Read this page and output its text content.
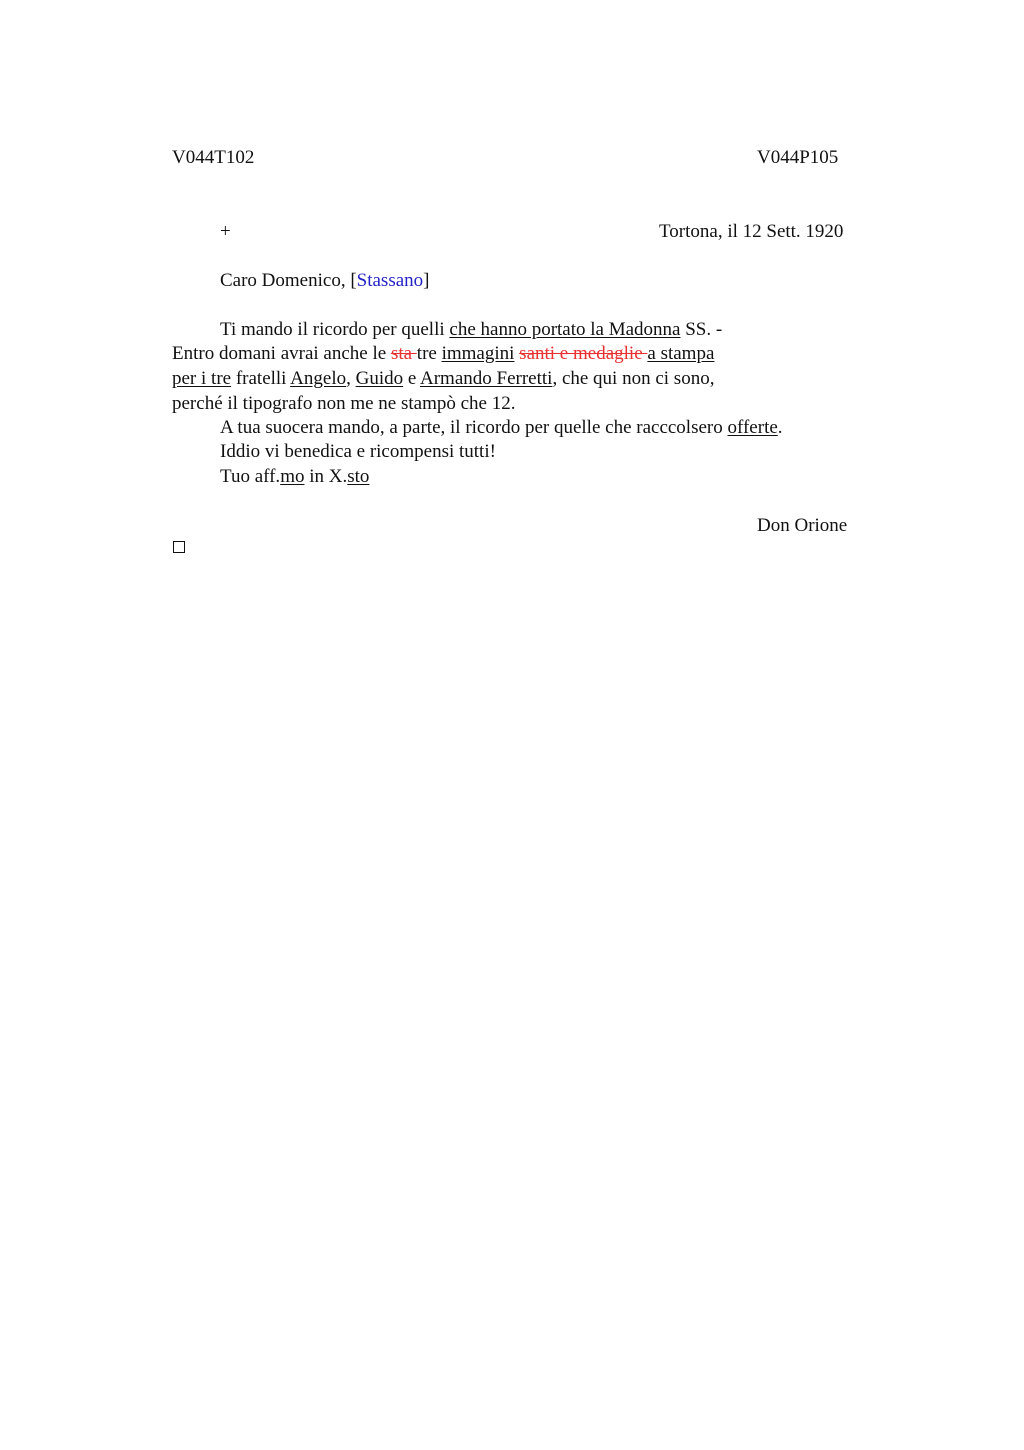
V044T102	V044P105
+	Tortona, il 12 Sett. 1920
Caro Domenico, [Stassano]
Ti mando il ricordo per quelli che hanno portato la Madonna SS. -
Entro domani avrai anche le sta tre immagini santi e medaglie a stampa
per i tre fratelli Angelo, Guido e Armando Ferretti, che qui non ci sono,
perché il tipografo non me ne stampò che 12.
A tua suocera mando, a parte, il ricordo per quelle che racccolsero offerte.
Iddio vi benedica e ricompensi tutti!
Tuo aff.mo in X.sto
Don Orione
